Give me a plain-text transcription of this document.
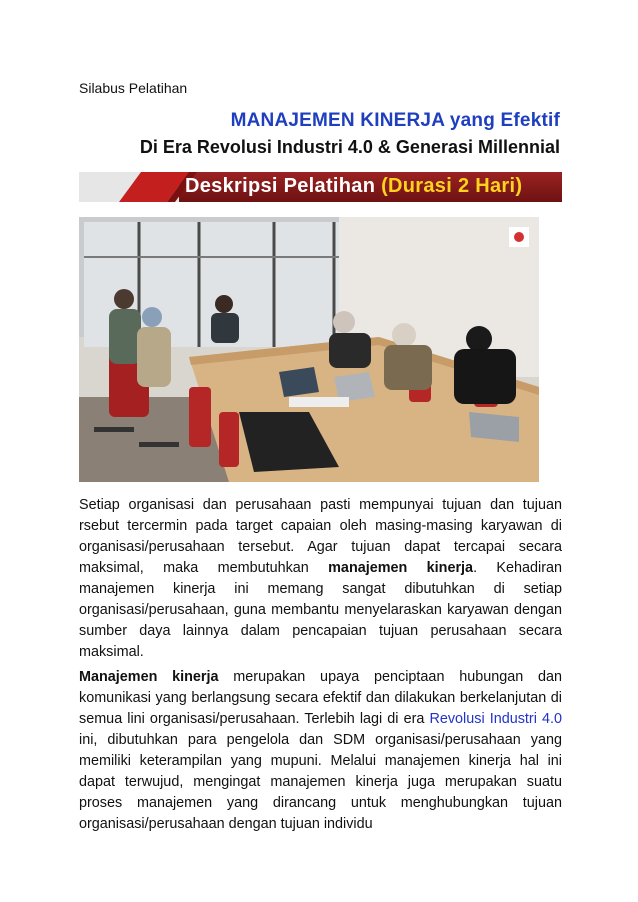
Silabus Pelatihan
MANAJEMEN KINERJA yang Efektif
Di Era Revolusi Industri 4.0 & Generasi Millennial
Deskripsi Pelatihan (Durasi 2 Hari)
Setiap organisasi dan perusahaan pasti mempunyai tujuan dan tujuan rsebut tercermin pada target capaian oleh masing-masing karyawan di organisasi/perusahaan tersebut. Agar tujuan dapat tercapai secara maksimal, maka membutuhkan manajemen kinerja. Kehadiran manajemen kinerja ini memang sangat dibutuhkan di setiap organisasi/perusahaan, guna membantu menyelaraskan karyawan dengan sumber daya lainnya dalam pencapaian tujuan perusahaan secara maksimal.
Manajemen kinerja merupakan upaya penciptaan hubungan dan komunikasi yang berlangsung secara efektif dan dilakukan berkelanjutan di semua lini organisasi/perusahaan. Terlebih lagi di era Revolusi Industri 4.0 ini, dibutuhkan para pengelola dan SDM organisasi/perusahaan yang memiliki keterampilan yang mupuni. Melalui manajemen kinerja hal ini dapat terwujud, mengingat manajemen kinerja juga merupakan suatu proses manajemen yang dirancang untuk menghubungkan tujuan organisasi/perusahaan dengan tujuan individu
